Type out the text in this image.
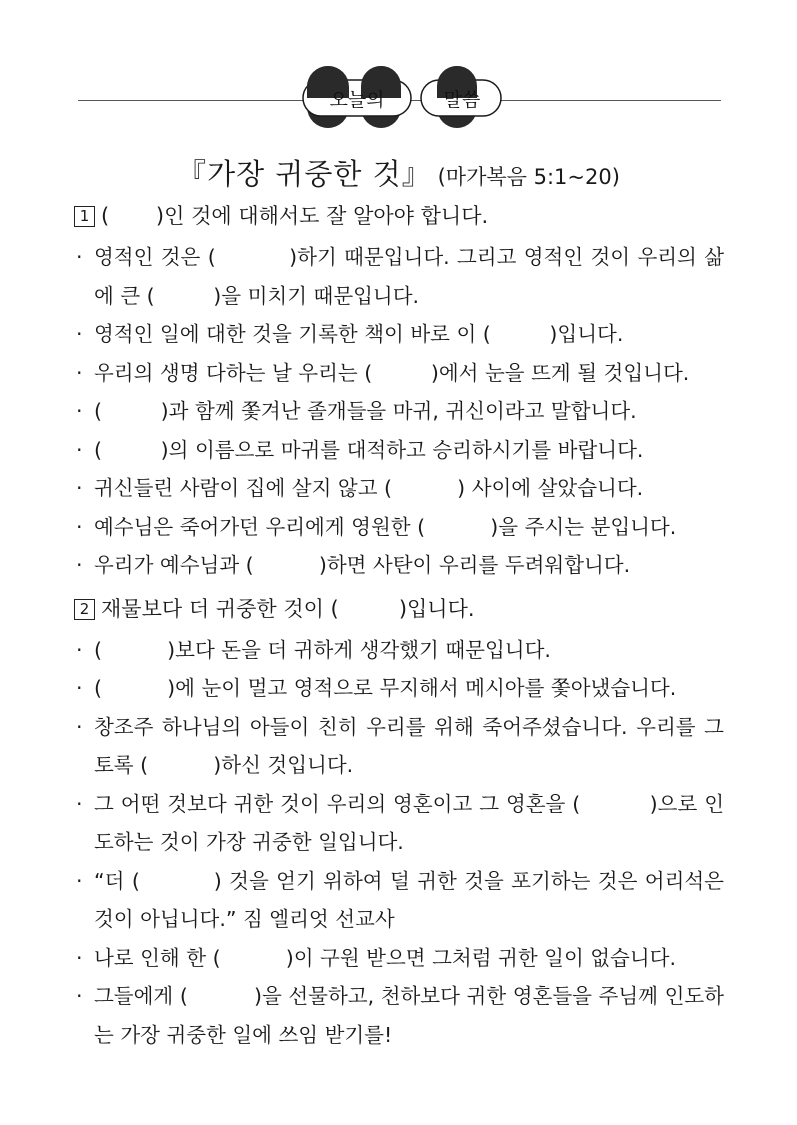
오늘의	말씀
『가장 귀중한 것』 (마가복음 5:1~20)
1 (       )인 것에 대해서도 잘 알아야 합니다.
· 영적인 것은 (          )하기 때문입니다. 그리고 영적인 것이 우리의 삶에 큰 (         )을 미치기 때문입니다.
· 영적인 일에 대한 것을 기록한 책이 바로 이 (         )입니다.
· 우리의 생명 다하는 날 우리는 (         )에서 눈을 뜨게 될 것입니다.
· (         )과 함께 쫓겨난 졸개들을 마귀, 귀신이라고 말합니다.
· (         )의 이름으로 마귀를 대적하고 승리하시기를 바랍니다.
· 귀신들린 사람이 집에 살지 않고 (          ) 사이에 살았습니다.
· 예수님은 죽어가던 우리에게 영원한 (          )을 주시는 분입니다.
· 우리가 예수님과 (          )하면 사탄이 우리를 두려워합니다.
2 재물보다 더 귀중한 것이 (         )입니다.
· (          )보다 돈을 더 귀하게 생각했기 때문입니다.
· (          )에 눈이 멀고 영적으로 무지해서 메시아를 쫓아냈습니다.
· 창조주 하나님의 아들이 친히 우리를 위해 죽어주셨습니다. 우리를 그토록 (          )하신 것입니다.
· 그 어떤 것보다 귀한 것이 우리의 영혼이고 그 영혼을 (          )으로 인도하는 것이 가장 귀중한 일입니다.
· “더 (          ) 것을 얻기 위하여 덜 귀한 것을 포기하는 것은 어리석은 것이 아닙니다.” 짐 엘리엇 선교사
· 나로 인해 한 (          )이 구원 받으면 그처럼 귀한 일이 없습니다.
· 그들에게 (          )을 선물하고, 천하보다 귀한 영혼들을 주님께 인도하는 가장 귀중한 일에 쓰임 받기를!
